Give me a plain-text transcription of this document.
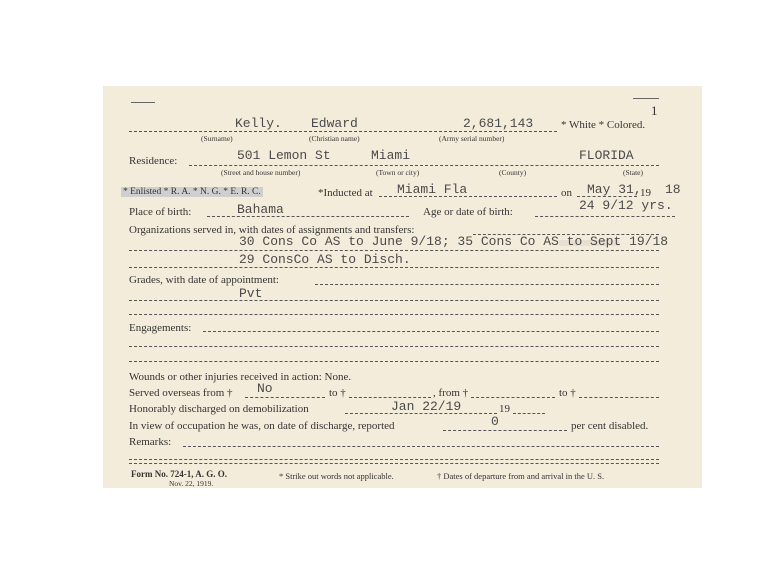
1
Kelly. Edward	2,681,143	* White * Colored.
(Surname)	(Christian name)	(Army serial number)
Residence:	501 Lemon St	Miami	FLORIDA
(Street and house number)	(Town or city)	(County)	(State)
* Enlisted * R. A. * N. G. * E. R. C.	*Inducted at Miami Fla	on May 31,
19 18
Place of birth:	Bahama	Age or date of birth:	24 9/12 yrs.
Organizations served in, with dates of assignments and transfers:
30 Cons Co AS to June 9/18; 35 Cons Co AS to Sept 19/18
29 ConsCo AS to Disch.
Grades, with date of appointment:
Pvt
Engagements:
Wounds or other injuries received in action: None.
Served overseas from † No	to †	, from †	to †
Honorably discharged on demobilization	Jan 22/19	19
In view of occupation he was, on date of discharge, reported	0	per cent disabled.
Remarks:
Form No. 724-1, A. G. O.
Nov. 22, 1919.
* Strike out words not applicable.	† Dates of departure from and arrival in the U. S.
